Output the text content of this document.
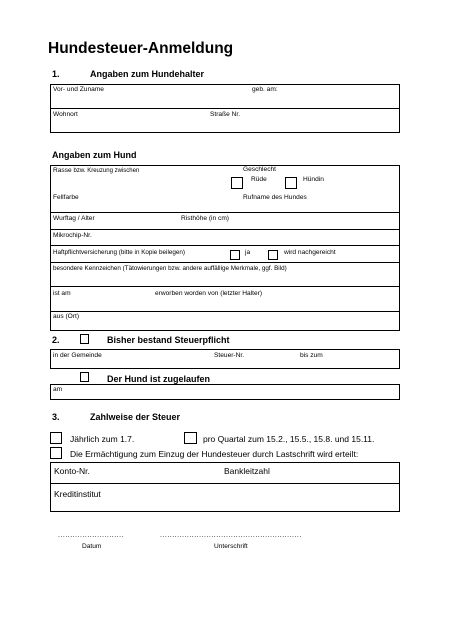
Hundesteuer-Anmeldung
1.	Angaben zum Hundehalter
Vor- und Zuname	geb. am:
Wohnort	Straße Nr.
Angaben zum Hund
Rasse bzw. Kreuzung zwischen	Geschlecht
Rüde	Hündin
Fellfarbe	Rufname des Hundes
Wurftag / Alter	Risthöhe (in cm)
Mikrochip-Nr.
Haftpflichtversicherung (bitte in Kopie beilegen)	ja	wird nachgereicht
besondere Kennzeichen (Tätowierungen bzw. andere auffällige Merkmale, ggf. Bild)
ist am	erworben worden von (letzter Halter)
aus (Ort)
2.	Bisher bestand Steuerpflicht
in der Gemeinde	Steuer-Nr.	bis zum
Der Hund ist zugelaufen
am
3.	Zahlweise der Steuer
Jährlich zum 1.7.	pro Quartal zum 15.2., 15.5., 15.8. und 15.11.
Die Ermächtigung zum Einzug der Hundesteuer durch Lastschrift wird erteilt:
Konto-Nr.	Bankleitzahl
Kreditinstitut
...........................
Datum
..........................................................
Unterschrift
